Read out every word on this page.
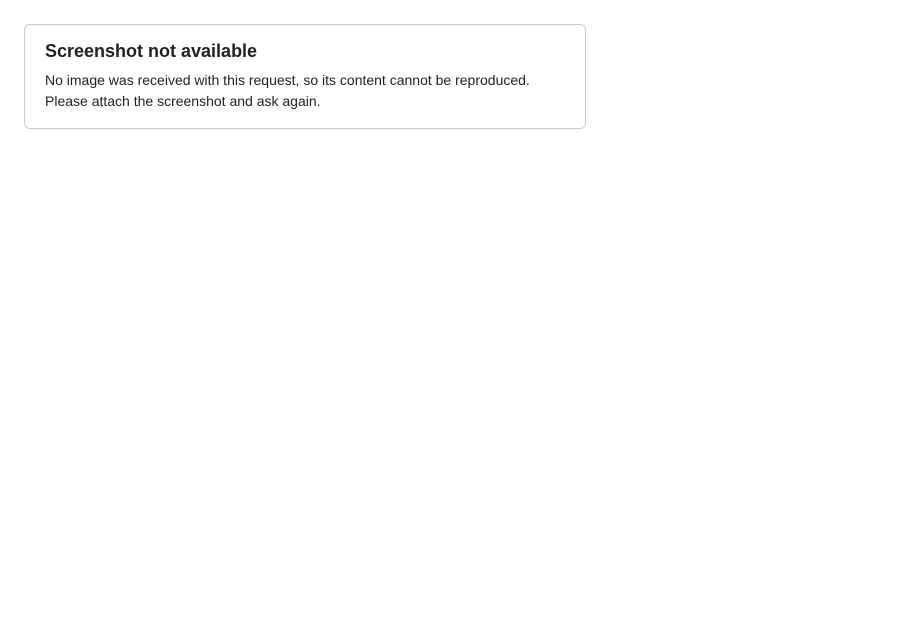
Screenshot not available

No image was received with this request, so its content cannot be reproduced. Please attach the screenshot and ask again.
